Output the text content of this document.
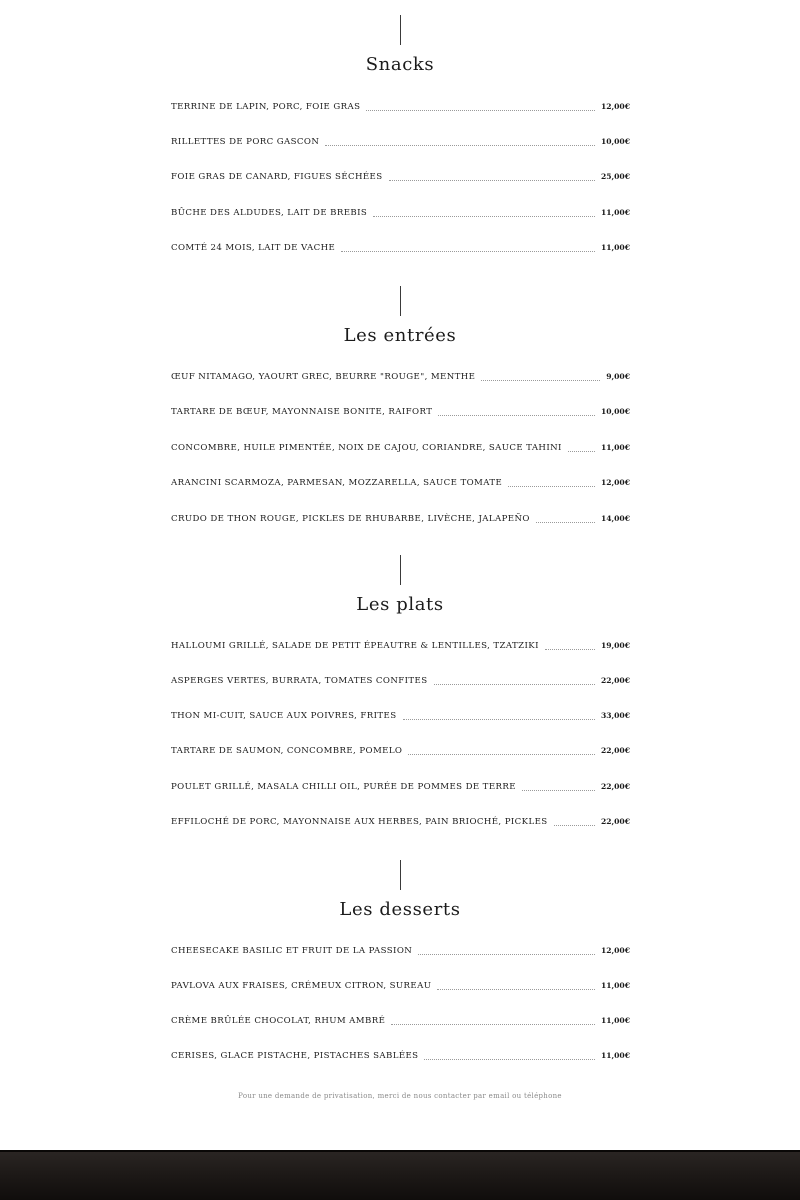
Snacks
TERRINE DE LAPIN, PORC, FOIE GRAS	12,00€
RILLETTES DE PORC GASCON	10,00€
FOIE GRAS DE CANARD, FIGUES SÉCHÉES	25,00€
BÛCHE DES ALDUDES, LAIT DE BREBIS	11,00€
COMTÉ 24 MOIS, LAIT DE VACHE	11,00€
Les entrées
ŒUF NITAMAGO, YAOURT GREC, BEURRE "ROUGE", MENTHE	9,00€
TARTARE DE BŒUF, MAYONNAISE BONITE, RAIFORT	10,00€
CONCOMBRE, HUILE PIMENTÉE, NOIX DE CAJOU, CORIANDRE, SAUCE TAHINI	11,00€
ARANCINI SCARMOZA, PARMESAN, MOZZARELLA, SAUCE TOMATE	12,00€
CRUDO DE THON ROUGE, PICKLES DE RHUBARBE, LIVÈCHE, JALAPEÑO	14,00€
Les plats
HALLOUMI GRILLÉ, SALADE DE PETIT ÉPEAUTRE & LENTILLES, TZATZIKI	19,00€
ASPERGES VERTES, BURRATA, TOMATES CONFITES	22,00€
THON MI-CUIT, SAUCE AUX POIVRES, FRITES	33,00€
TARTARE DE SAUMON, CONCOMBRE, POMELO	22,00€
POULET GRILLÉ, MASALA CHILLI OIL, PURÉE DE POMMES DE TERRE	22,00€
EFFILOCHÉ DE PORC, MAYONNAISE AUX HERBES, PAIN BRIOCHÉ, PICKLES	22,00€
Les desserts
CHEESECAKE BASILIC ET FRUIT DE LA PASSION	12,00€
PAVLOVA AUX FRAISES, CRÉMEUX CITRON, SUREAU	11,00€
CRÈME BRÛLÉE CHOCOLAT, RHUM AMBRÉ	11,00€
CERISES, GLACE PISTACHE, PISTACHES SABLÉES	11,00€
Pour une demande de privatisation, merci de nous contacter par email ou téléphone
